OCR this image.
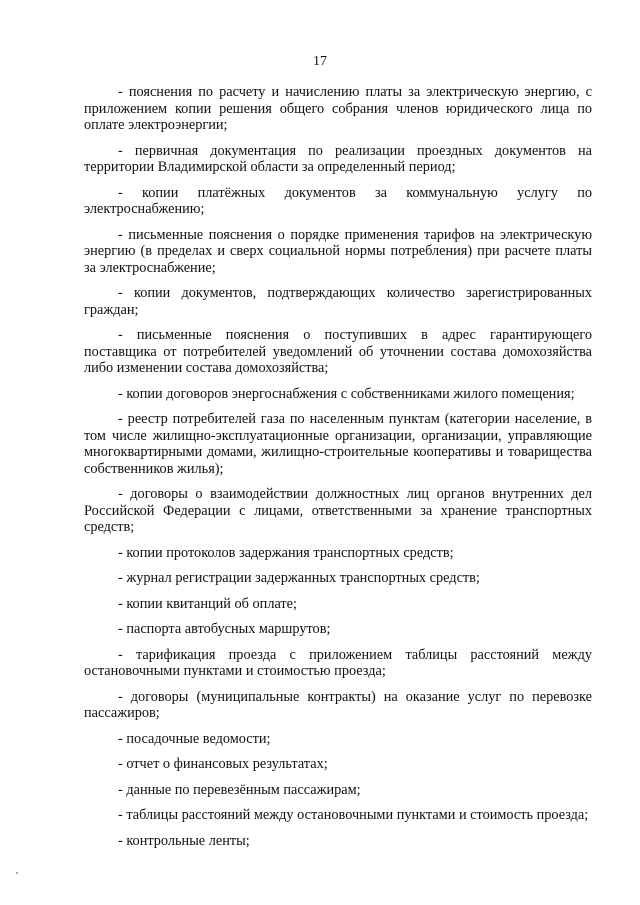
17

- пояснения по расчету и начислению платы за электрическую энергию, с приложением копии решения общего собрания членов юридического лица по оплате электроэнергии;

- первичная документация по реализации проездных документов на территории Владимирской области за определенный период;

- копии платёжных документов за коммунальную услугу по электроснабжению;

- письменные пояснения о порядке применения тарифов на электрическую энергию (в пределах и сверх социальной нормы потребления) при расчете платы за электроснабжение;

- копии документов, подтверждающих количество зарегистрированных граждан;

- письменные пояснения о поступивших в адрес гарантирующего поставщика от потребителей уведомлений об уточнении состава домохозяйства либо изменении состава домохозяйства;

- копии договоров энергоснабжения с собственниками жилого помещения;

- реестр потребителей газа по населенным пунктам (категории население, в том числе жилищно-эксплуатационные организации, организации, управляющие многоквартирными домами, жилищно-строительные кооперативы и товарищества собственников жилья);

- договоры о взаимодействии должностных лиц органов внутренних дел Российской Федерации с лицами, ответственными за хранение транспортных средств;

- копии протоколов задержания транспортных средств;

- журнал регистрации задержанных транспортных средств;

- копии квитанций об оплате;

- паспорта автобусных маршрутов;

- тарификация проезда с приложением таблицы расстояний между остановочными пунктами и стоимостью проезда;

- договоры (муниципальные контракты) на оказание услуг по перевозке пассажиров;

- посадочные ведомости;

- отчет о финансовых результатах;

- данные по перевезённым пассажирам;

- таблицы расстояний между остановочными пунктами и стоимость проезда;

- контрольные ленты;
